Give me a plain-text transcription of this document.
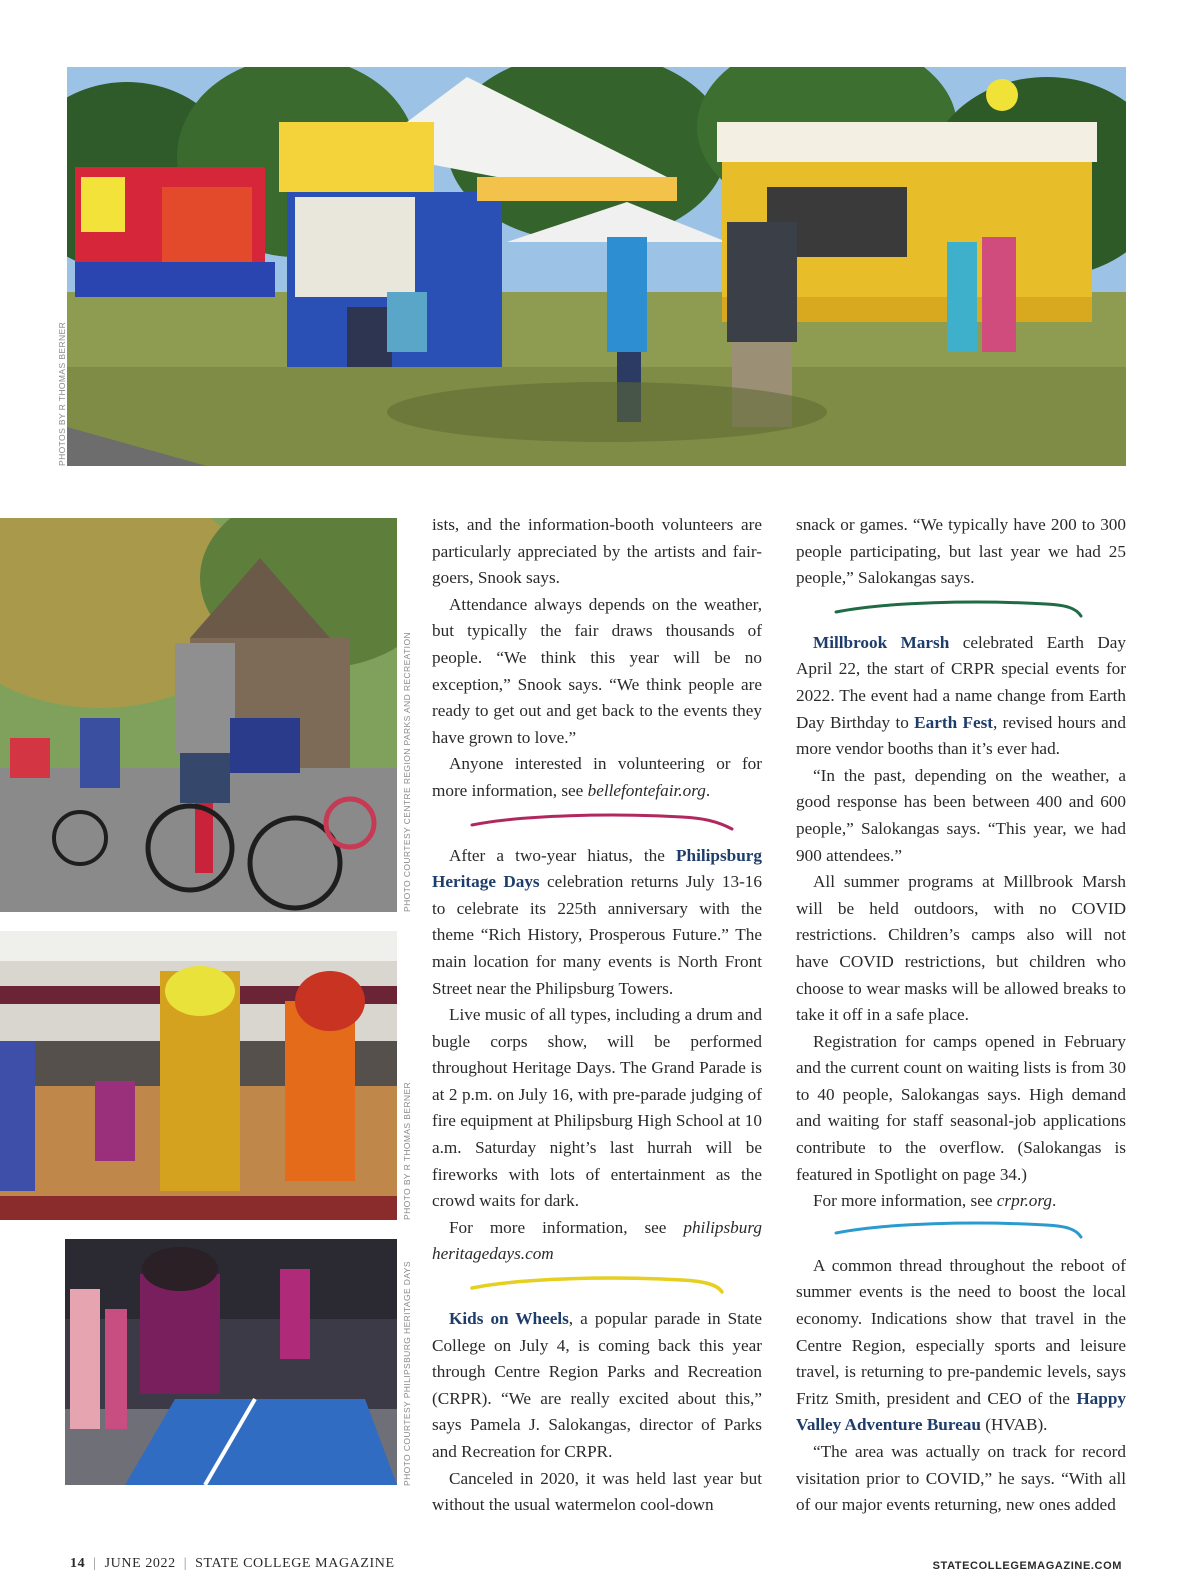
PHOTOS BY R THOMAS BERNER
PHOTO COURTESY CENTRE REGION PARKS AND RECREATION
PHOTO BY R THOMAS BERNER
PHOTO COURTESY PHILIPSBURG HERITAGE DAYS

ists, and the information-booth volunteers are particularly appreciated by the artists and fair-goers, Snook says.

Attendance always depends on the weather, but typically the fair draws thousands of people. “We think this year will be no exception,” Snook says. “We think people are ready to get out and get back to the events they have grown to love.”

Anyone interested in volunteering or for more information, see bellefontefair.org.

After a two-year hiatus, the Philipsburg Heritage Days celebration returns July 13-16 to celebrate its 225th anniversary with the theme “Rich History, Prosperous Future.” The main location for many events is North Front Street near the Philipsburg Towers.

Live music of all types, including a drum and bugle corps show, will be performed throughout Heritage Days. The Grand Parade is at 2 p.m. on July 16, with pre-parade judging of fire equipment at Philipsburg High School at 10 a.m. Saturday night’s last hurrah will be fireworks with lots of entertainment as the crowd waits for dark.

For more information, see philipsburg heritagedays.com

Kids on Wheels, a popular parade in State College on July 4, is coming back this year through Centre Region Parks and Recreation (CRPR). “We are really excited about this,” says Pamela J. Salokangas, director of Parks and Recreation for CRPR.

Canceled in 2020, it was held last year but without the usual watermelon cool-down

snack or games. “We typically have 200 to 300 people participating, but last year we had 25 people,” Salokangas says.

Millbrook Marsh celebrated Earth Day April 22, the start of CRPR special events for 2022. The event had a name change from Earth Day Birthday to Earth Fest, revised hours and more vendor booths than it’s ever had.

“In the past, depending on the weather, a good response has been between 400 and 600 people,” Salokangas says. “This year, we had 900 attendees.”

All summer programs at Millbrook Marsh will be held outdoors, with no COVID restrictions. Children’s camps also will not have COVID restrictions, but children who choose to wear masks will be allowed breaks to take it off in a safe place.

Registration for camps opened in February and the current count on waiting lists is from 30 to 40 people, Salokangas says. High demand and waiting for staff seasonal-job applications contribute to the overflow. (Salokangas is featured in Spotlight on page 34.)

For more information, see crpr.org.

A common thread throughout the reboot of summer events is the need to boost the local economy. Indications show that travel in the Centre Region, especially sports and leisure travel, is returning to pre-pandemic levels, says Fritz Smith, president and CEO of the Happy Valley Adventure Bureau (HVAB).

“The area was actually on track for record visitation prior to COVID,” he says. “With all of our major events returning, new ones added

14 | JUNE 2022 | STATE COLLEGE MAGAZINE	STATECOLLEGEMAGAZINE.COM
